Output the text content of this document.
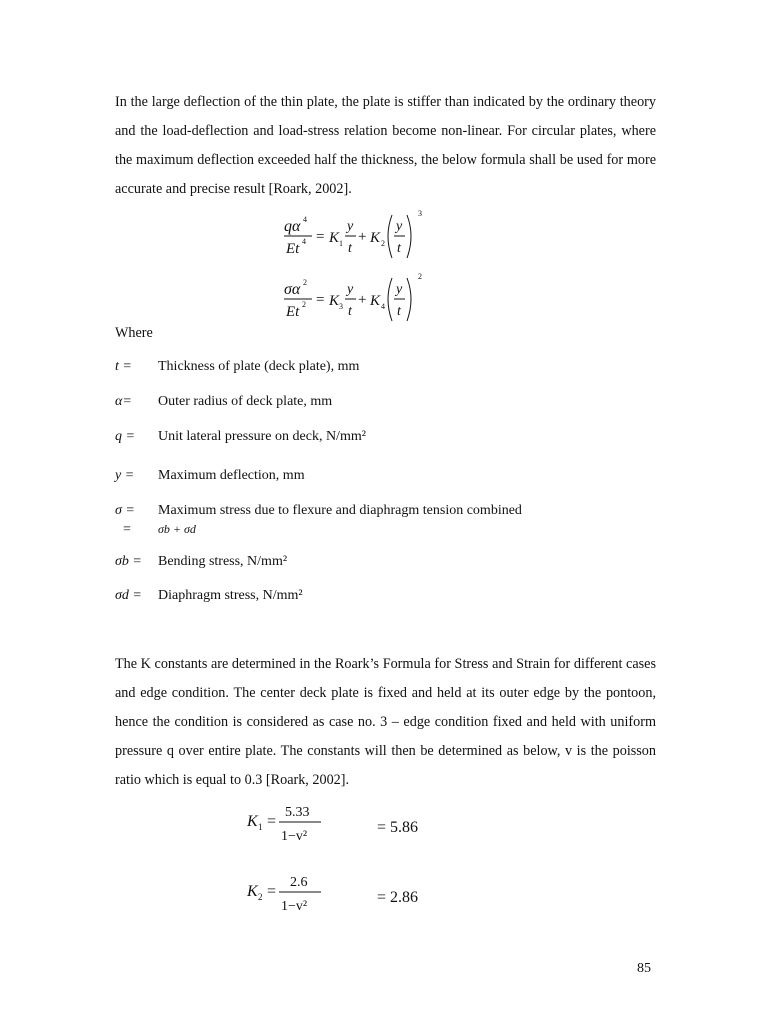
In the large deflection of the thin plate, the plate is stiffer than indicated by the ordinary theory and the load-deflection and load-stress relation become non-linear. For circular plates, where the maximum deflection exceeded half the thickness, the below formula shall be used for more accurate and precise result [Roark, 2002].

qα 4
Et 4 = K 1
y
t
+ K 2
y
t
3
σα 2
Et 2 = K 3
y
t
+ K 4
y
t
2
Where
t =	Thickness of plate (deck plate), mm
α=	Outer radius of deck plate, mm
q =	Unit lateral pressure on deck, N/mm²
y =	Maximum deflection, mm
σ =	Maximum stress due to flexure and diaphragm tension combined
=	σb + σd
σb =	Bending stress, N/mm²
σd =	Diaphragm stress, N/mm²

The K constants are determined in the Roark’s Formula for Stress and Strain for different cases and edge condition. The center deck plate is fixed and held at its outer edge by the pontoon, hence the condition is considered as case no. 3 – edge condition fixed and held with uniform pressure q over entire plate. The constants will then be determined as below, v is the poisson ratio which is equal to 0.3 [Roark, 2002].

K 1 =
5.33
1−v²
= 5.86
K 2 =
2.6
1−v²
= 2.86
85
